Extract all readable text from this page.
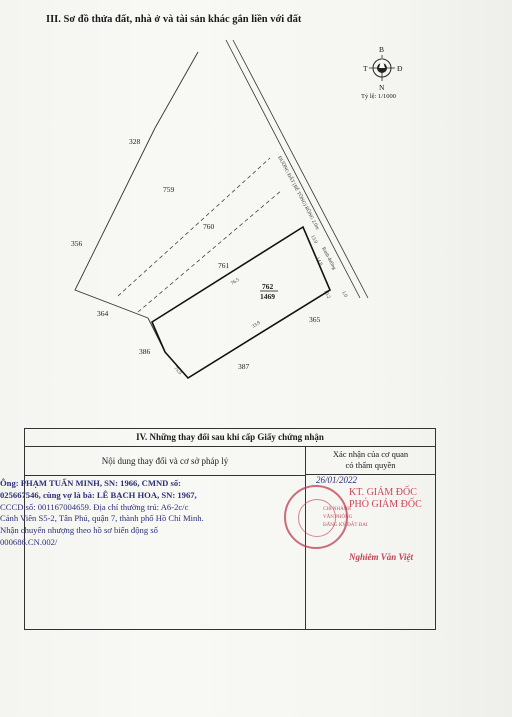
III. Sơ đồ thửa đất, nhà ở và tài sản khác gắn liền với đất
B
N
T	Đ
ĐƯỜNG ĐẤT (BÊ TÔNG) RỘNG 2.0m
Ranh đường
1.0
328
759
760
761
762
1469
356
364
365
386
387
15.0
14.8
10.2
76.5
33.9
75.0
Tỷ lệ: 1/1000
IV. Những thay đổi sau khi cấp Giấy chứng nhận
Nội dung thay đổi và cơ sở pháp lý
Xác nhận của cơ quan
có thẩm quyền
Ông: PHẠM TUẤN MINH, SN: 1966, CMND số:
025667546, cùng vợ là bà: LÊ BẠCH HOA, SN: 1967,
CCCD số: 001167004659. Địa chỉ thường trú: A6-2c/c
Cảnh Viên S5-2, Tân Phú, quận 7, thành phố Hồ Chí Minh.
Nhận chuyển nhượng theo hồ sơ biến động số
000686.CN.002/
26/01/2022
CHI NHÁNH
VĂN PHÒNG
ĐĂNG KÝ ĐẤT ĐAI
KT. GIÁM ĐỐC
PHÓ GIÁM ĐỐC
Nghiêm Văn Việt
